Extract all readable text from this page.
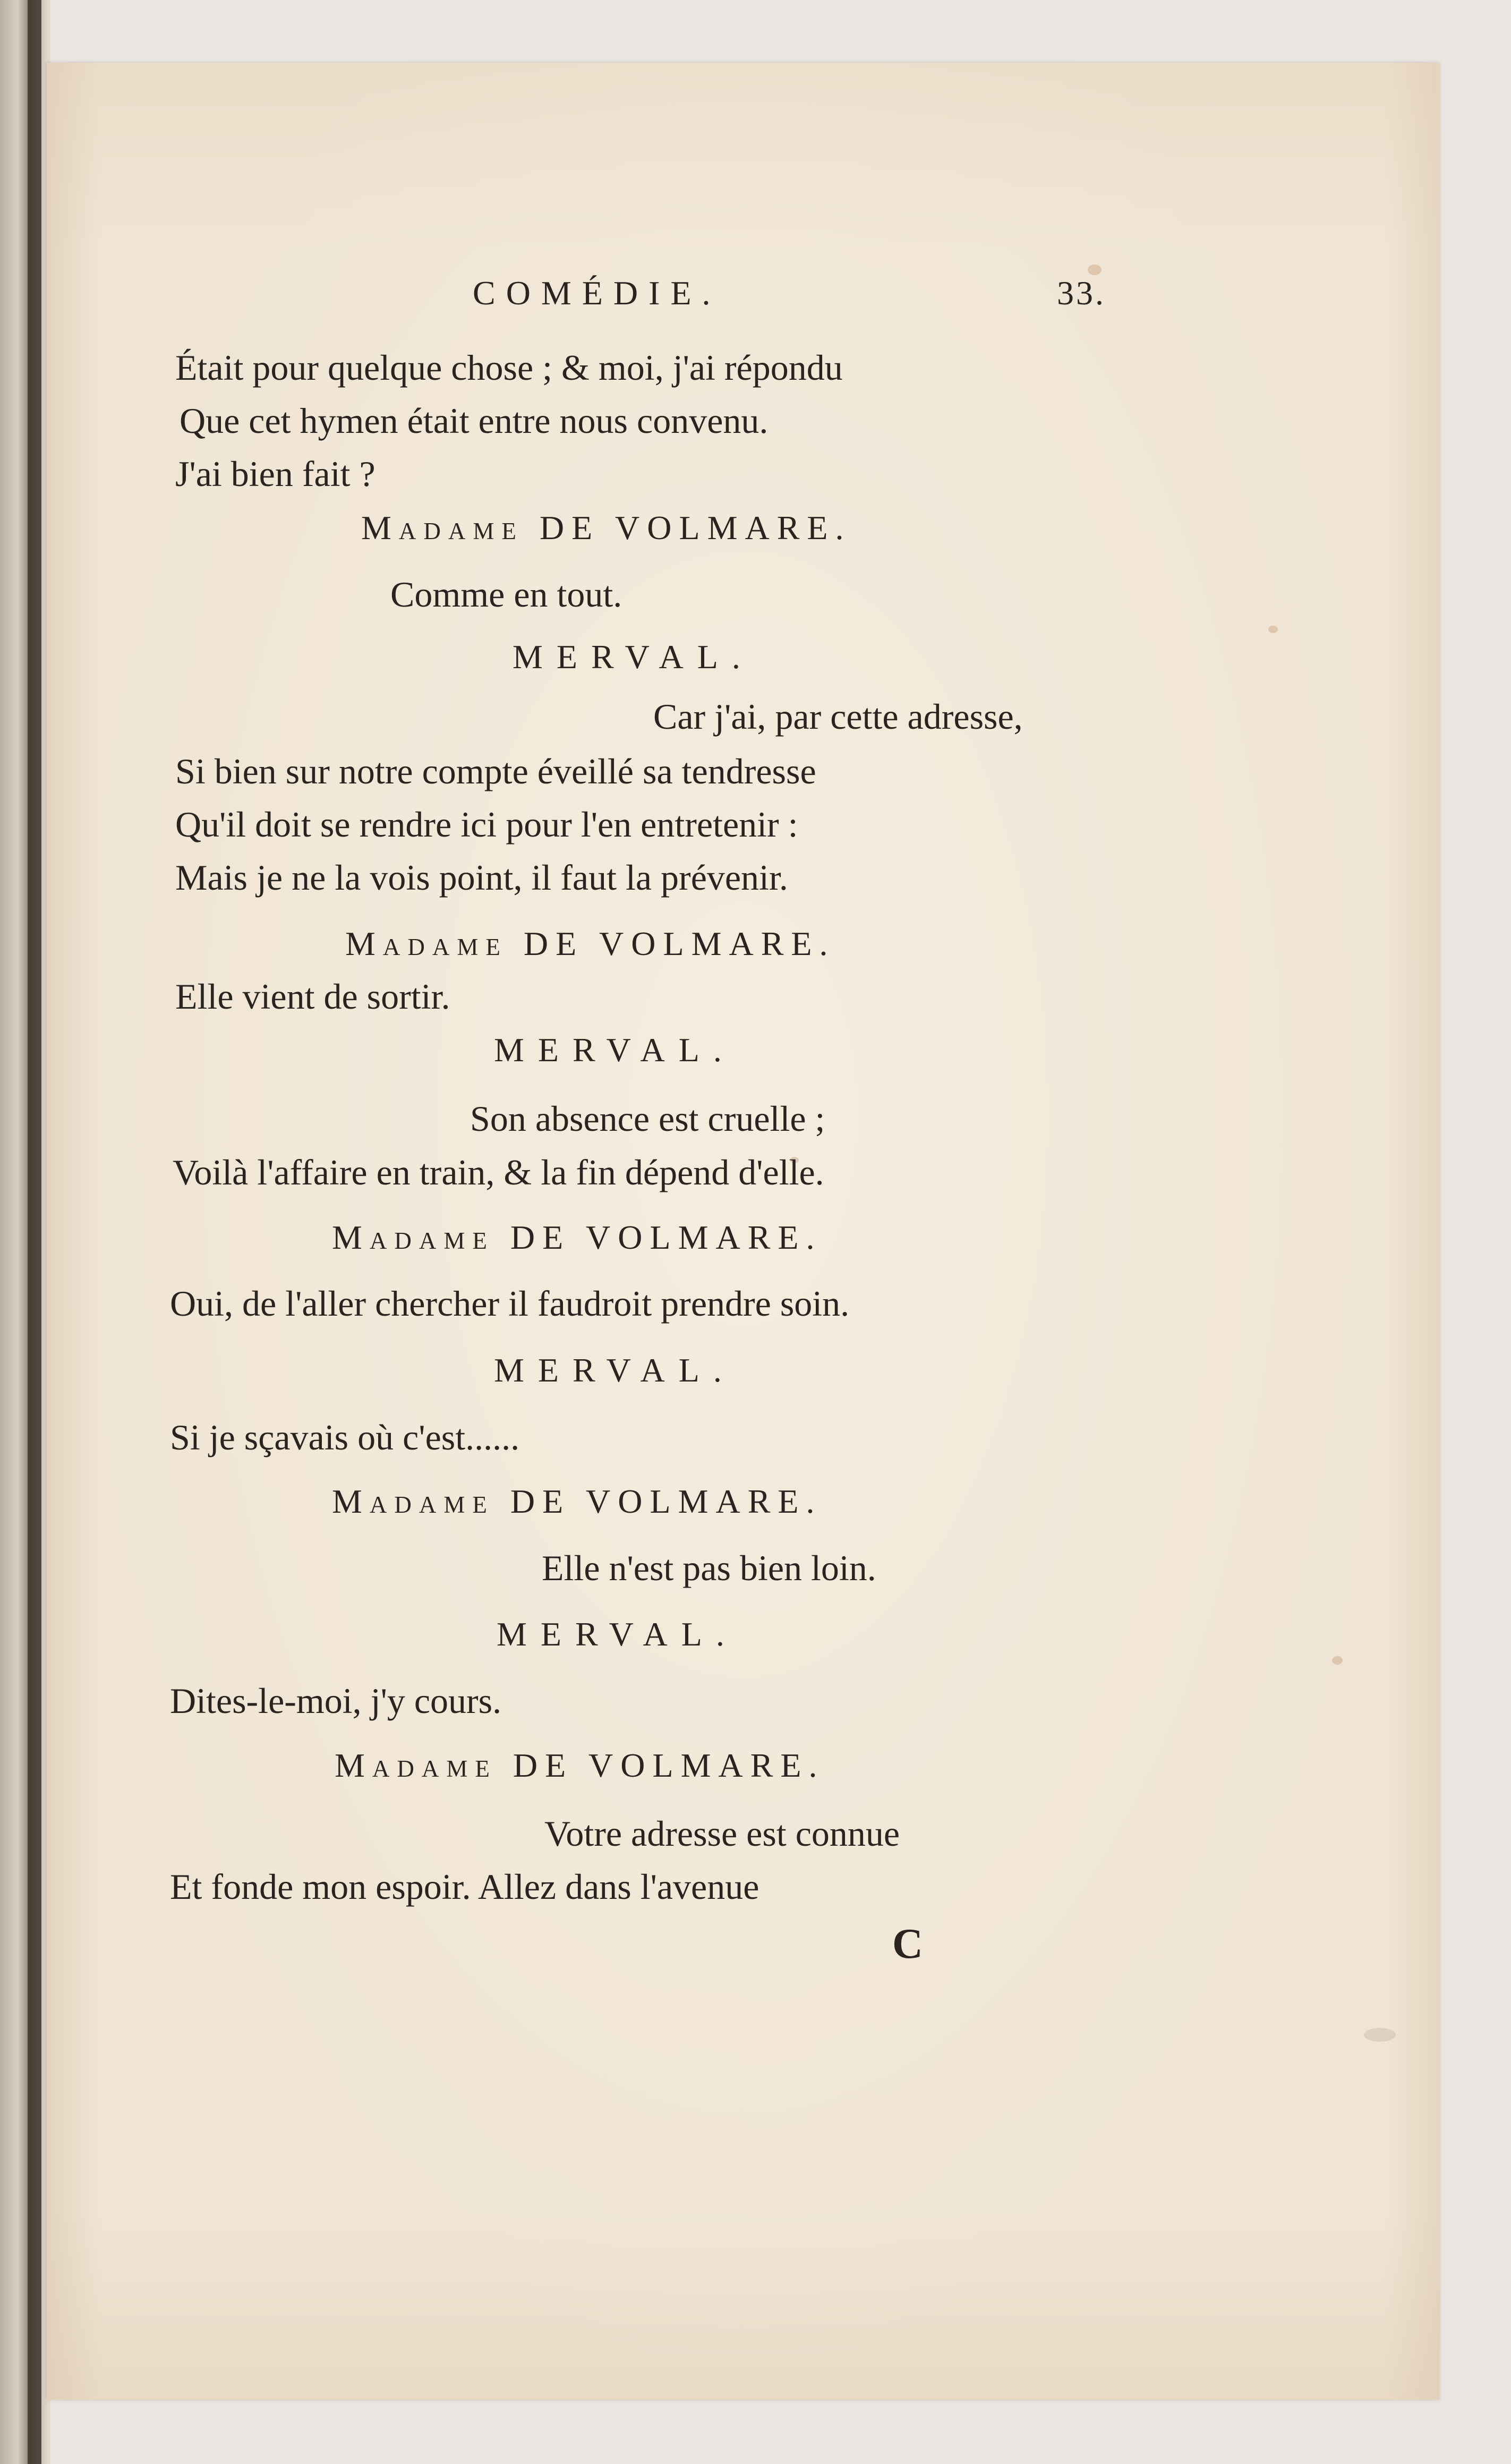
COMÉDIE.	33.
Était pour quelque chose ; & moi, j'ai répondu
Que cet hymen était entre nous convenu.
J'ai bien fait ?
Madame DE VOLMARE.
Comme en tout.
MERVAL.
Car j'ai, par cette adresse,
Si bien sur notre compte éveillé sa tendresse
Qu'il doit se rendre ici pour l'en entretenir :
Mais je ne la vois point, il faut la prévenir.
Madame DE VOLMARE.
Elle vient de sortir.
MERVAL.
Son absence est cruelle ;
Voilà l'affaire en train, & la fin dépend d'elle.
Madame DE VOLMARE.
Oui, de l'aller chercher il faudroit prendre soin.
MERVAL.
Si je sçavais où c'est......
Madame DE VOLMARE.
Elle n'est pas bien loin.
MERVAL.
Dites-le-moi, j'y cours.
Madame DE VOLMARE.
Votre adresse est connue
Et fonde mon espoir. Allez dans l'avenue
C
